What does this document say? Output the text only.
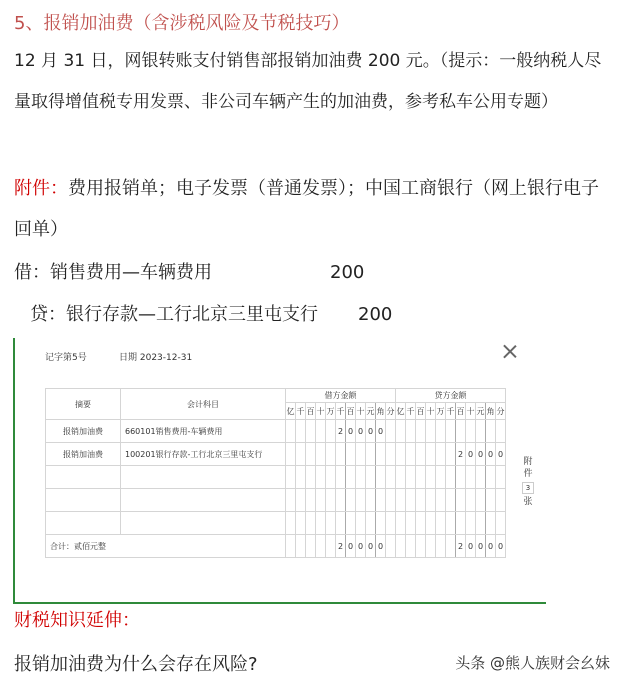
5、报销加油费（含涉税风险及节税技巧）
12 月 31 日，网银转账支付销售部报销加油费 200 元。（提示：一般纳税人尽量取得增值税专用发票、非公司车辆产生的加油费，参考私车公用专题）
附件：费用报销单；电子发票（普通发票）；中国工商银行（网上银行电子回单）
借：销售费用—车辆费用	200
贷：银行存款—工行北京三里屯支行 200
记字第5号	日期 2023-12-31
摘要	会计科目	借方金额											贷方金额										
		亿	千	百	十	万	千	百	十	元	角	分	亿	千	百	十	万	千	百	十	元	角	分
报销加油费	660101销售费用-车辆费用						2	0	0	0	0												
报销加油费	100201银行存款-工行北京三里屯支行																		2	0	0	0	0

合计：贰佰元整							2	0	0	0	0								2	0	0	0	0
附
件
3
张
财税知识延伸：
报销加油费为什么会存在风险?	头条 @熊人族财会幺妹
